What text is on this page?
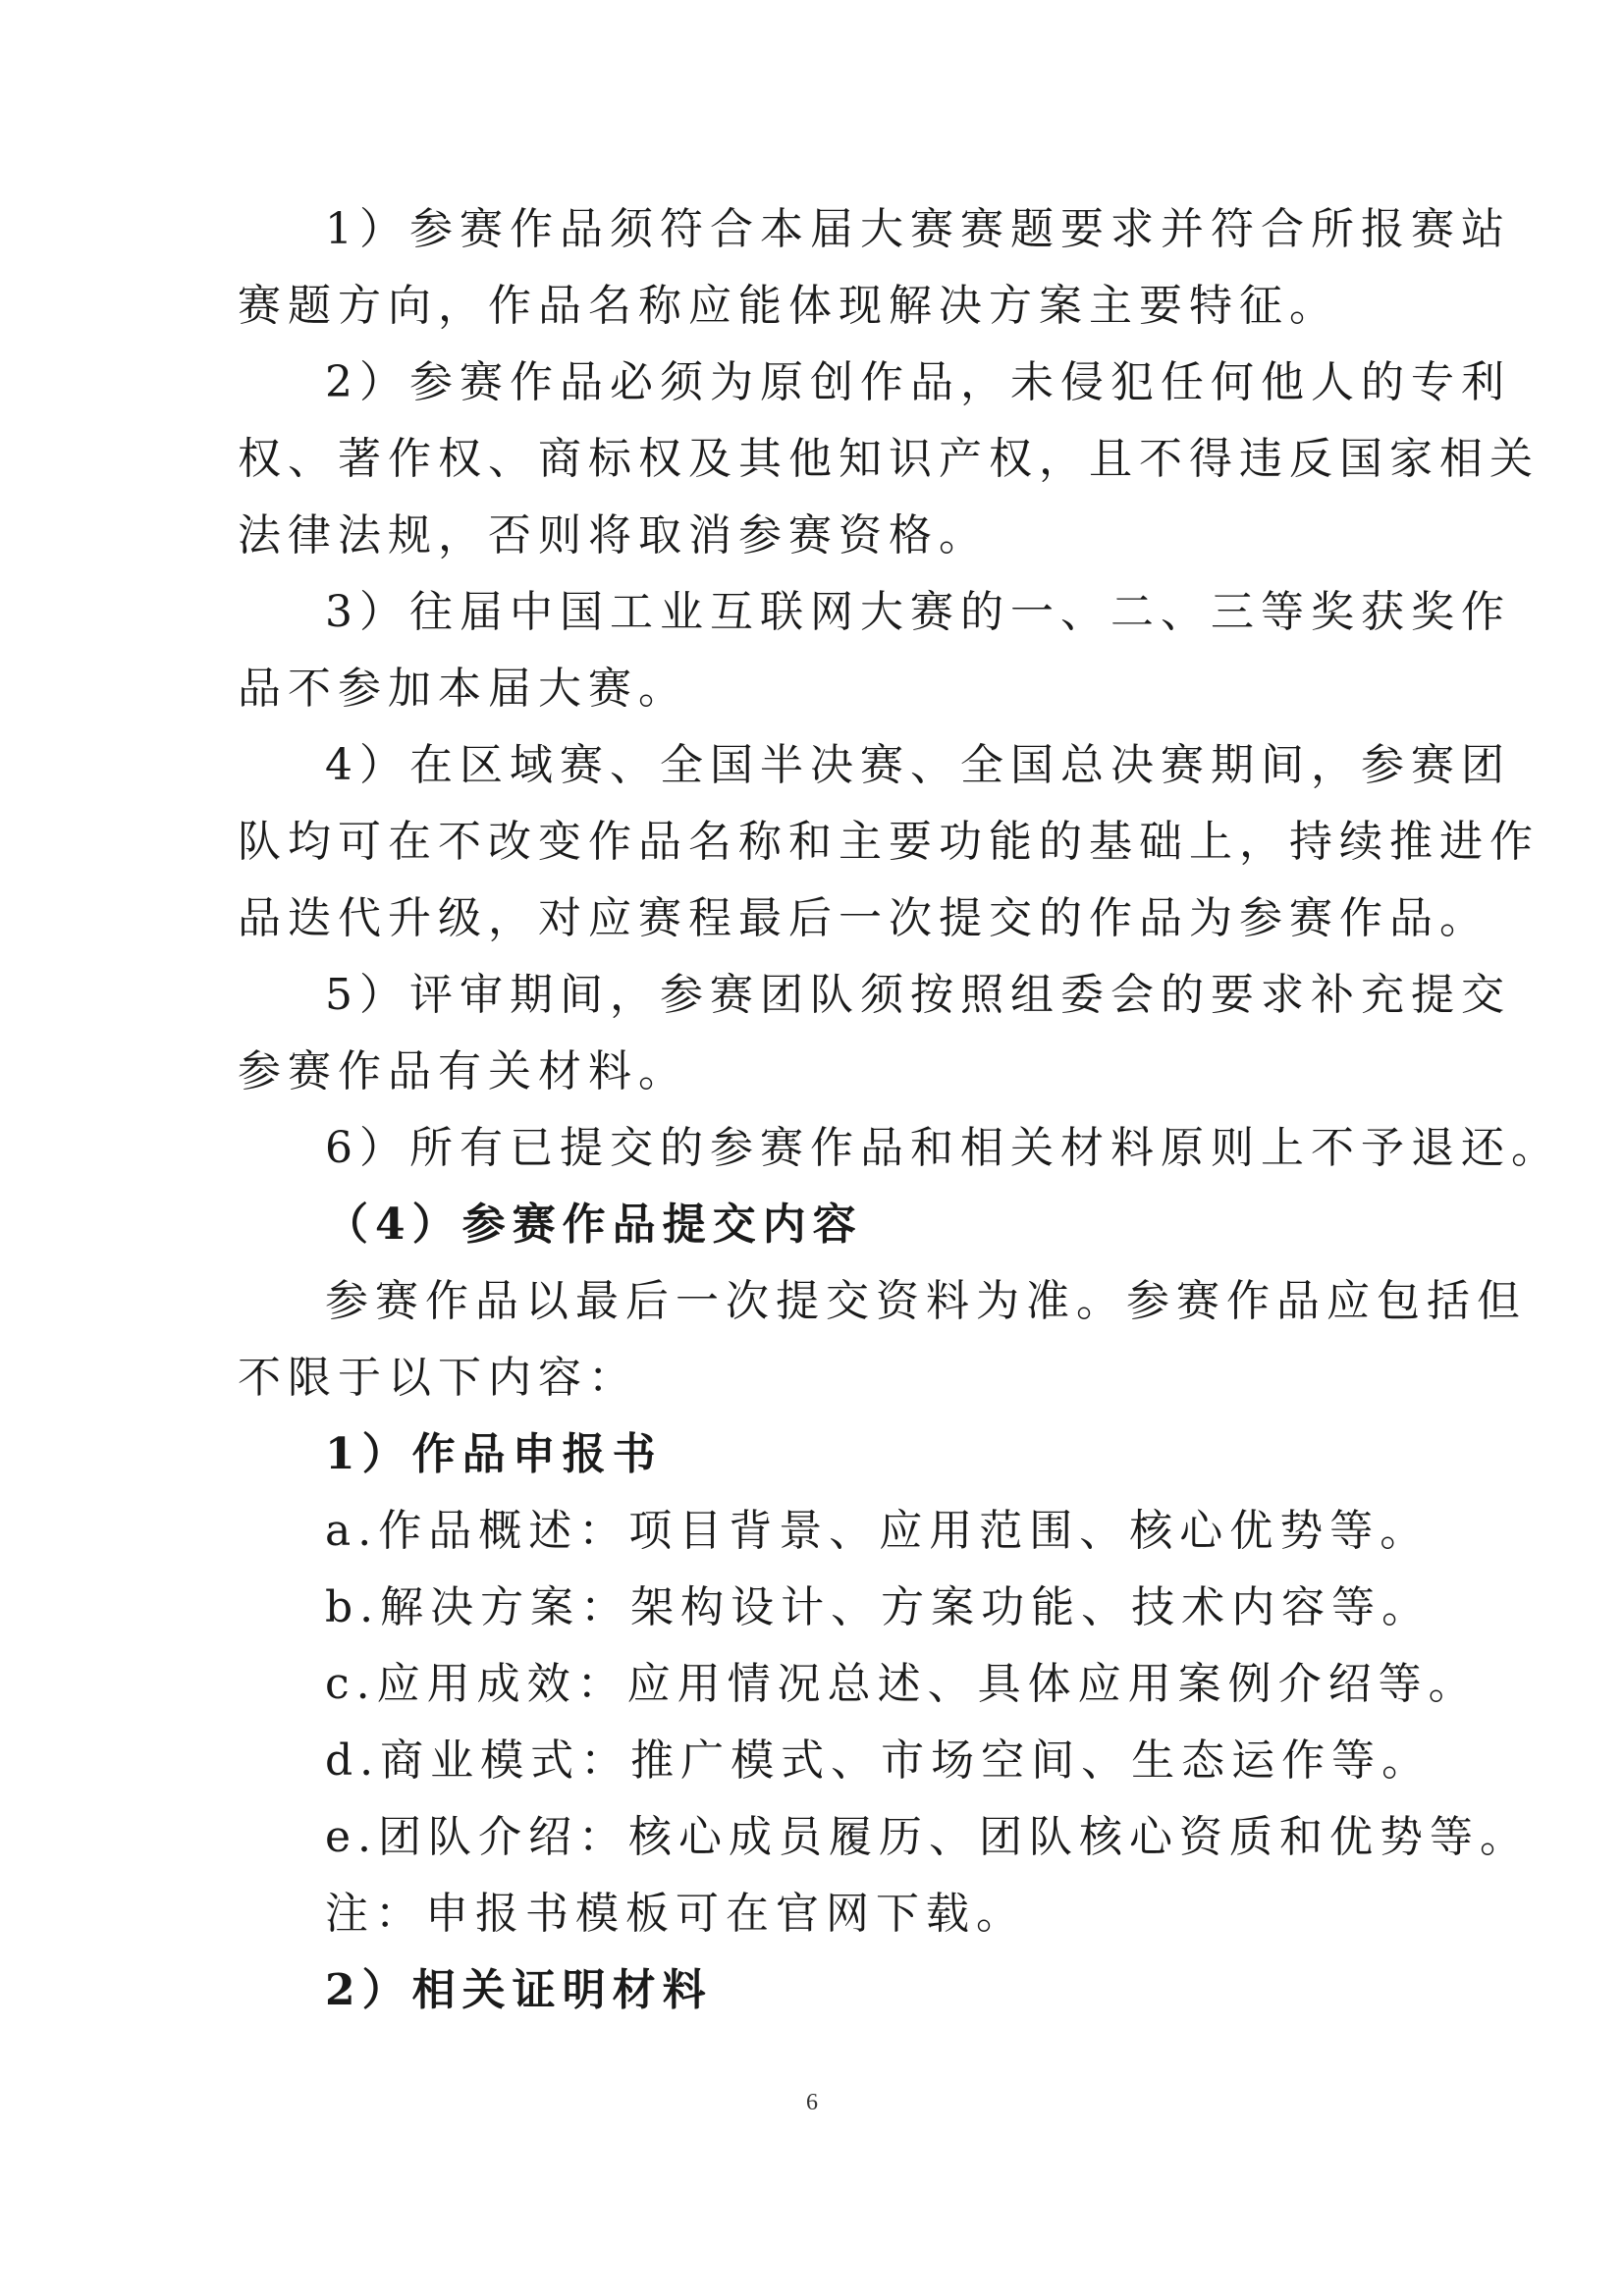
1）参赛作品须符合本届大赛赛题要求并符合所报赛站
赛题方向，作品名称应能体现解决方案主要特征。
2）参赛作品必须为原创作品，未侵犯任何他人的专利
权、著作权、商标权及其他知识产权，且不得违反国家相关
法律法规，否则将取消参赛资格。
3）往届中国工业互联网大赛的一、二、三等奖获奖作
品不参加本届大赛。
4）在区域赛、全国半决赛、全国总决赛期间，参赛团
队均可在不改变作品名称和主要功能的基础上，持续推进作
品迭代升级，对应赛程最后一次提交的作品为参赛作品。
5）评审期间，参赛团队须按照组委会的要求补充提交
参赛作品有关材料。
6）所有已提交的参赛作品和相关材料原则上不予退还。
（4）参赛作品提交内容
参赛作品以最后一次提交资料为准。参赛作品应包括但
不限于以下内容：
1）作品申报书
a.作品概述：项目背景、应用范围、核心优势等。
b.解决方案：架构设计、方案功能、技术内容等。
c.应用成效：应用情况总述、具体应用案例介绍等。
d.商业模式：推广模式、市场空间、生态运作等。
e.团队介绍：核心成员履历、团队核心资质和优势等。
注：申报书模板可在官网下载。
2）相关证明材料
6
